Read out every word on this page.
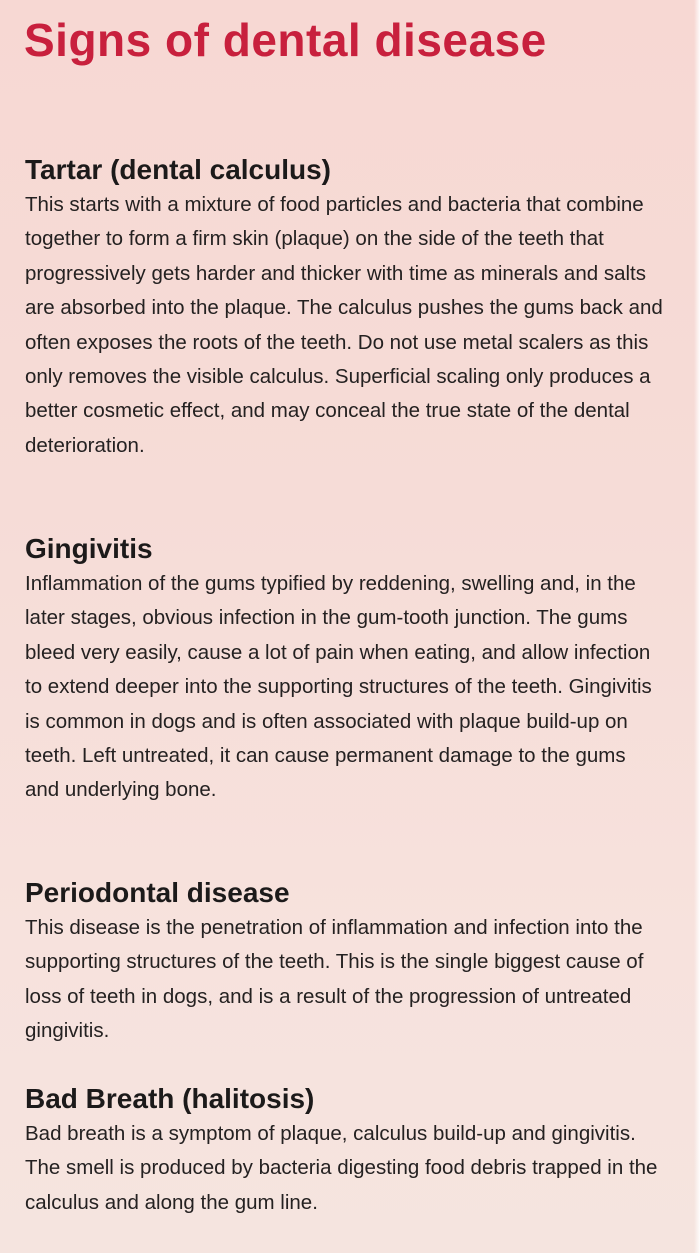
Signs of dental disease
Tartar (dental calculus)

This starts with a mixture of food particles and bacteria that combine together to form a firm skin (plaque) on the side of the teeth that progressively gets harder and thicker with time as minerals and salts are absorbed into the plaque. The calculus pushes the gums back and often exposes the roots of the teeth. Do not use metal scalers as this only removes the visible calculus. Superficial scaling only produces a better cosmetic effect, and may conceal the true state of the dental deterioration.

Gingivitis

Inflammation of the gums typified by reddening, swelling and, in the later stages, obvious infection in the gum-tooth junction. The gums bleed very easily, cause a lot of pain when eating, and allow infection to extend deeper into the supporting structures of the teeth. Gingivitis is common in dogs and is often associated with plaque build-up on teeth. Left untreated, it can cause permanent damage to the gums and underlying bone.

Periodontal disease

This disease is the penetration of inflammation and infection into the supporting structures of the teeth. This is the single biggest cause of loss of teeth in dogs, and is a result of the progression of untreated gingivitis.

Bad Breath (halitosis)

Bad breath is a symptom of plaque, calculus build-up and gingivitis. The smell is produced by bacteria digesting food debris trapped in the calculus and along the gum line.
